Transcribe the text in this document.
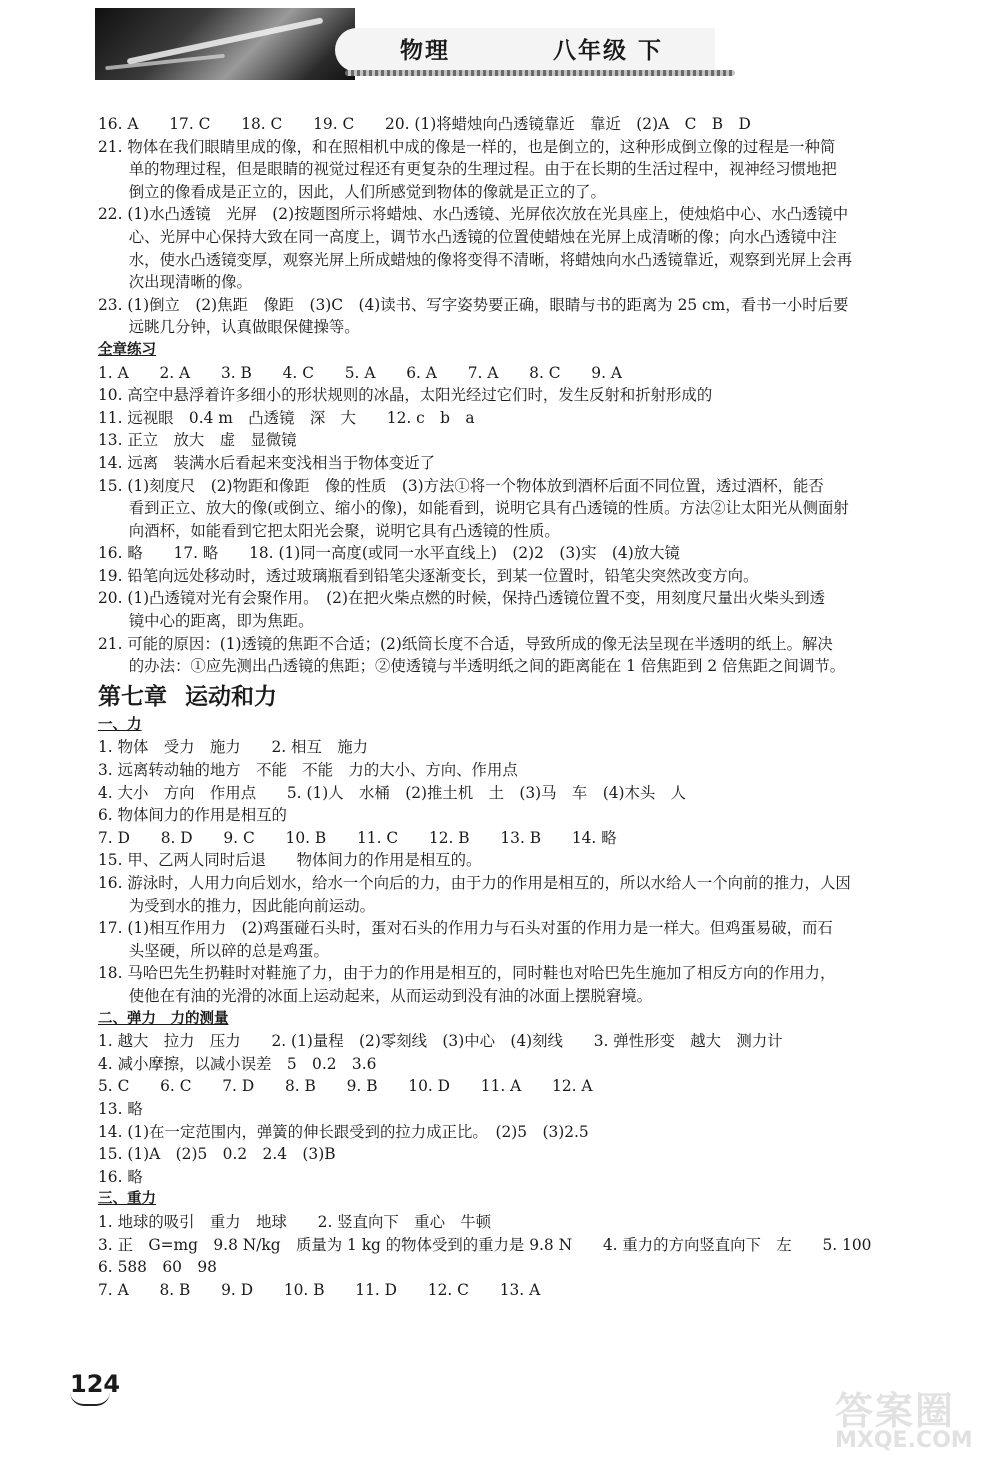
物理	八年级 下
16. A　　17. C　　18. C　　19. C　　20. (1)将蜡烛向凸透镜靠近　靠近　(2)A　C　B　D
21. 物体在我们眼睛里成的像，和在照相机中成的像是一样的，也是倒立的，这种形成倒立像的过程是一种简
　　单的物理过程，但是眼睛的视觉过程还有更复杂的生理过程。由于在长期的生活过程中，视神经习惯地把
　　倒立的像看成是正立的，因此，人们所感觉到物体的像就是正立的了。
22. (1)水凸透镜　光屏　(2)按题图所示将蜡烛、水凸透镜、光屏依次放在光具座上，使烛焰中心、水凸透镜中
　　心、光屏中心保持大致在同一高度上，调节水凸透镜的位置使蜡烛在光屏上成清晰的像；向水凸透镜中注
　　水，使水凸透镜变厚，观察光屏上所成蜡烛的像将变得不清晰，将蜡烛向水凸透镜靠近，观察到光屏上会再
　　次出现清晰的像。
23. (1)倒立　(2)焦距　像距　(3)C　(4)读书、写字姿势要正确，眼睛与书的距离为 25 cm，看书一小时后要
　　远眺几分钟，认真做眼保健操等。
全章练习
1. A　　2. A　　3. B　　4. C　　5. A　　6. A　　7. A　　8. C　　9. A
10. 高空中悬浮着许多细小的形状规则的冰晶，太阳光经过它们时，发生反射和折射形成的
11. 远视眼　0.4 m　凸透镜　深　大　　12. c　b　a
13. 正立　放大　虚　显微镜
14. 远离　装满水后看起来变浅相当于物体变近了
15. (1)刻度尺　(2)物距和像距　像的性质　(3)方法①将一个物体放到酒杯后面不同位置，透过酒杯，能否
　　看到正立、放大的像(或倒立、缩小的像)，如能看到，说明它具有凸透镜的性质。方法②让太阳光从侧面射
　　向酒杯，如能看到它把太阳光会聚，说明它具有凸透镜的性质。
16. 略　　17. 略　　18. (1)同一高度(或同一水平直线上)　(2)2　(3)实　(4)放大镜
19. 铅笔向远处移动时，透过玻璃瓶看到铅笔尖逐渐变长，到某一位置时，铅笔尖突然改变方向。
20. (1)凸透镜对光有会聚作用。　(2)在把火柴点燃的时候，保持凸透镜位置不变，用刻度尺量出火柴头到透
　　镜中心的距离，即为焦距。
21. 可能的原因：(1)透镜的焦距不合适；(2)纸筒长度不合适，导致所成的像无法呈现在半透明的纸上。解决
　　的办法：①应先测出凸透镜的焦距；②使透镜与半透明纸之间的距离能在 1 倍焦距到 2 倍焦距之间调节。
第七章 运动和力
一、力
1. 物体　受力　施力　　2. 相互　施力
3. 远离转动轴的地方　不能　不能　力的大小、方向、作用点
4. 大小　方向　作用点　　5. (1)人　水桶　(2)推土机　土　(3)马　车　(4)木头　人
6. 物体间力的作用是相互的
7. D　　8. D　　9. C　　10. B　　11. C　　12. B　　13. B　　14. 略
15. 甲、乙两人同时后退　　物体间力的作用是相互的。
16. 游泳时，人用力向后划水，给水一个向后的力，由于力的作用是相互的，所以水给人一个向前的推力，人因
　　为受到水的推力，因此能向前运动。
17. (1)相互作用力　(2)鸡蛋碰石头时，蛋对石头的作用力与石头对蛋的作用力是一样大。但鸡蛋易破，而石
　　头坚硬，所以碎的总是鸡蛋。
18. 马哈巴先生扔鞋时对鞋施了力，由于力的作用是相互的，同时鞋也对哈巴先生施加了相反方向的作用力，
　　使他在有油的光滑的冰面上运动起来，从而运动到没有油的冰面上摆脱窘境。
二、弹力　力的测量
1. 越大　拉力　压力　　2. (1)量程　(2)零刻线　(3)中心　(4)刻线　　3. 弹性形变　越大　测力计
4. 减小摩擦，以减小误差　5　0.2　3.6
5. C　　6. C　　7. D　　8. B　　9. B　　10. D　　11. A　　12. A
13. 略
14. (1)在一定范围内，弹簧的伸长跟受到的拉力成正比。　(2)5　(3)2.5
15. (1)A　(2)5　0.2　2.4　(3)B
16. 略
三、重力
1. 地球的吸引　重力　地球　　2. 竖直向下　重心　牛顿
3. 正　G=mg　9.8 N/kg　质量为 1 kg 的物体受到的重力是 9.8 N　　4. 重力的方向竖直向下　左　　5. 100
6. 588　60　98
7. A　　8. B　　9. D　　10. B　　11. D　　12. C　　13. A
124
答案圈
MXQE.COM
